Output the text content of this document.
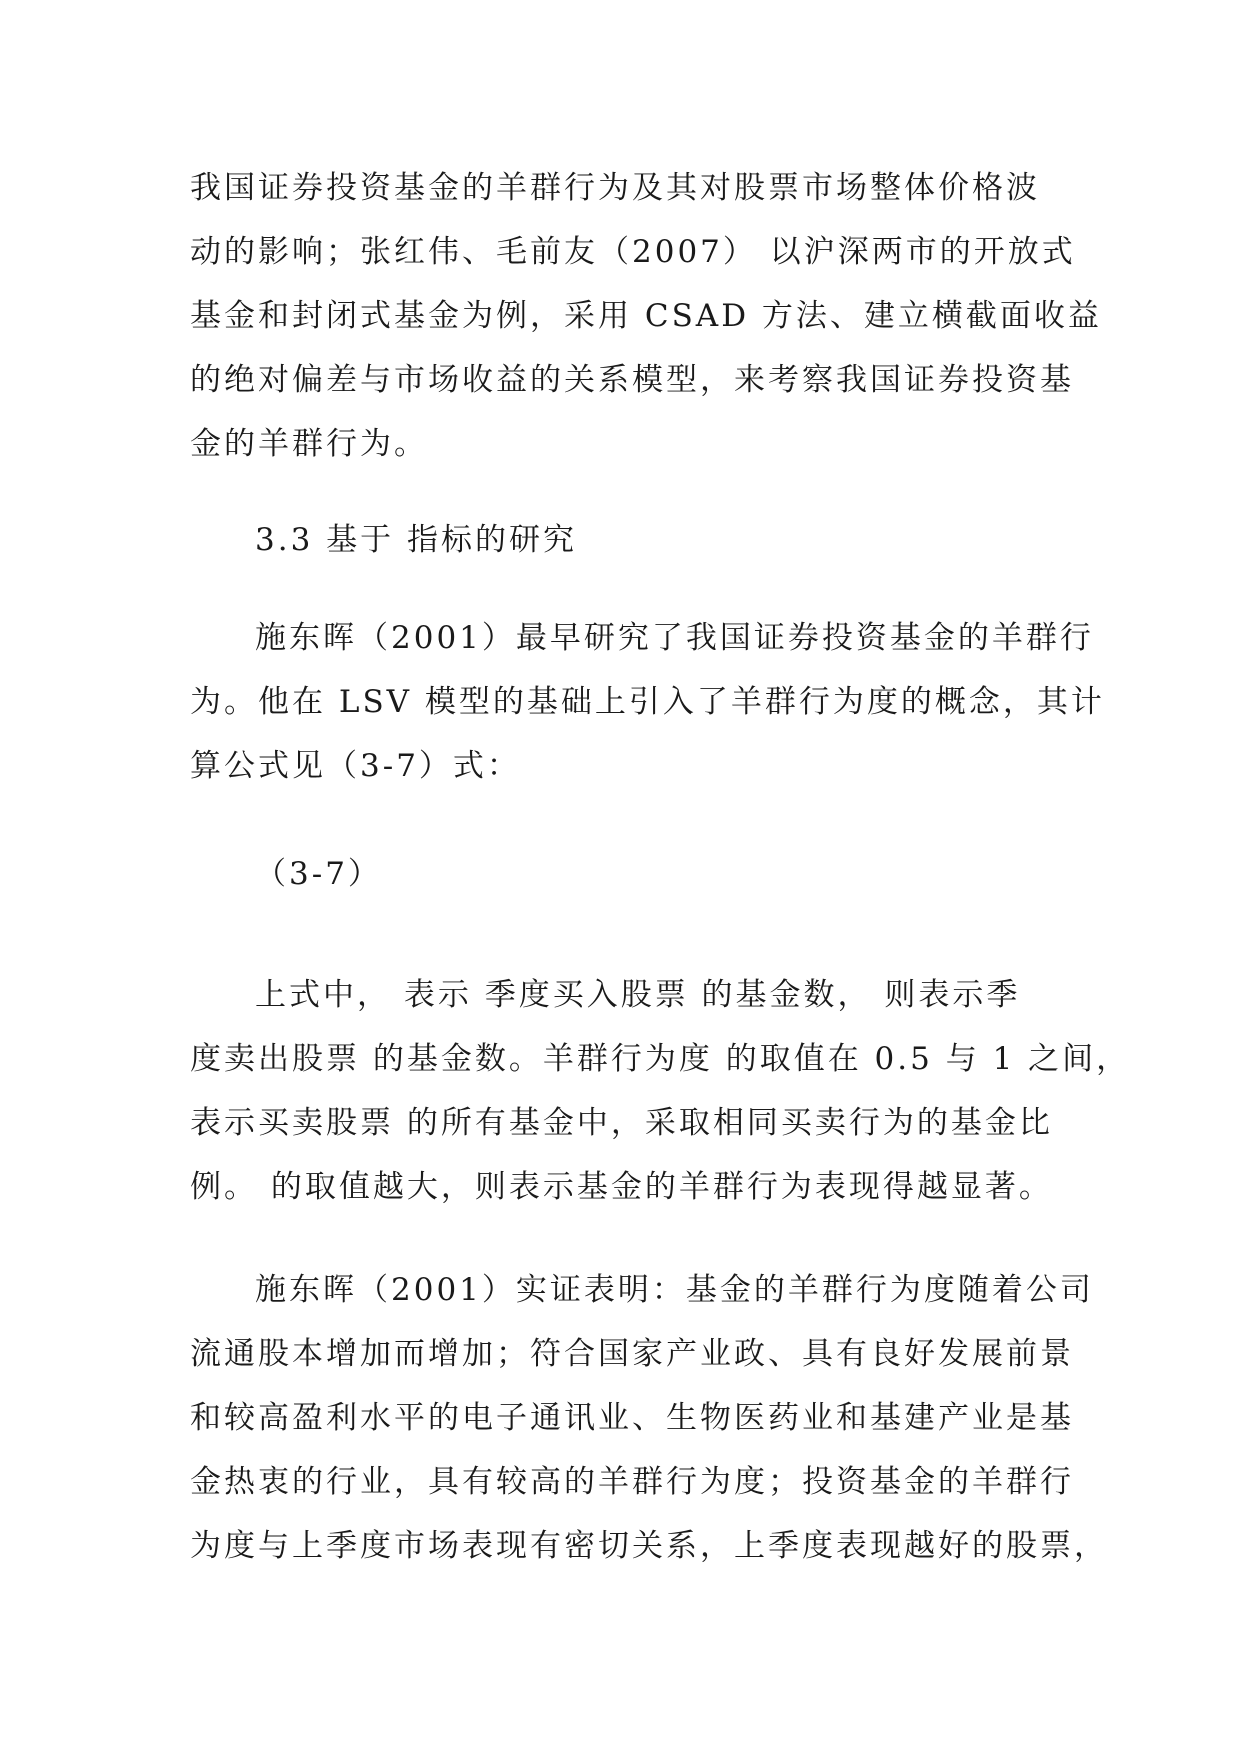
我国证券投资基金的羊群行为及其对股票市场整体价格波
动的影响；张红伟、毛前友（2007） 以沪深两市的开放式
基金和封闭式基金为例，采用 CSAD 方法、建立横截面收益
的绝对偏差与市场收益的关系模型，来考察我国证券投资基
金的羊群行为。
3.3 基于 指标的研究
施东晖（2001）最早研究了我国证券投资基金的羊群行
为。他在 LSV 模型的基础上引入了羊群行为度的概念，其计
算公式见（3-7）式：
（3-7）
上式中， 表示 季度买入股票 的基金数， 则表示季
度卖出股票 的基金数。羊群行为度 的取值在 0.5 与 1 之间，
表示买卖股票 的所有基金中，采取相同买卖行为的基金比
例。 的取值越大，则表示基金的羊群行为表现得越显著。
施东晖（2001）实证表明：基金的羊群行为度随着公司
流通股本增加而增加；符合国家产业政、具有良好发展前景
和较高盈利水平的电子通讯业、生物医药业和基建产业是基
金热衷的行业，具有较高的羊群行为度；投资基金的羊群行
为度与上季度市场表现有密切关系，上季度表现越好的股票，
